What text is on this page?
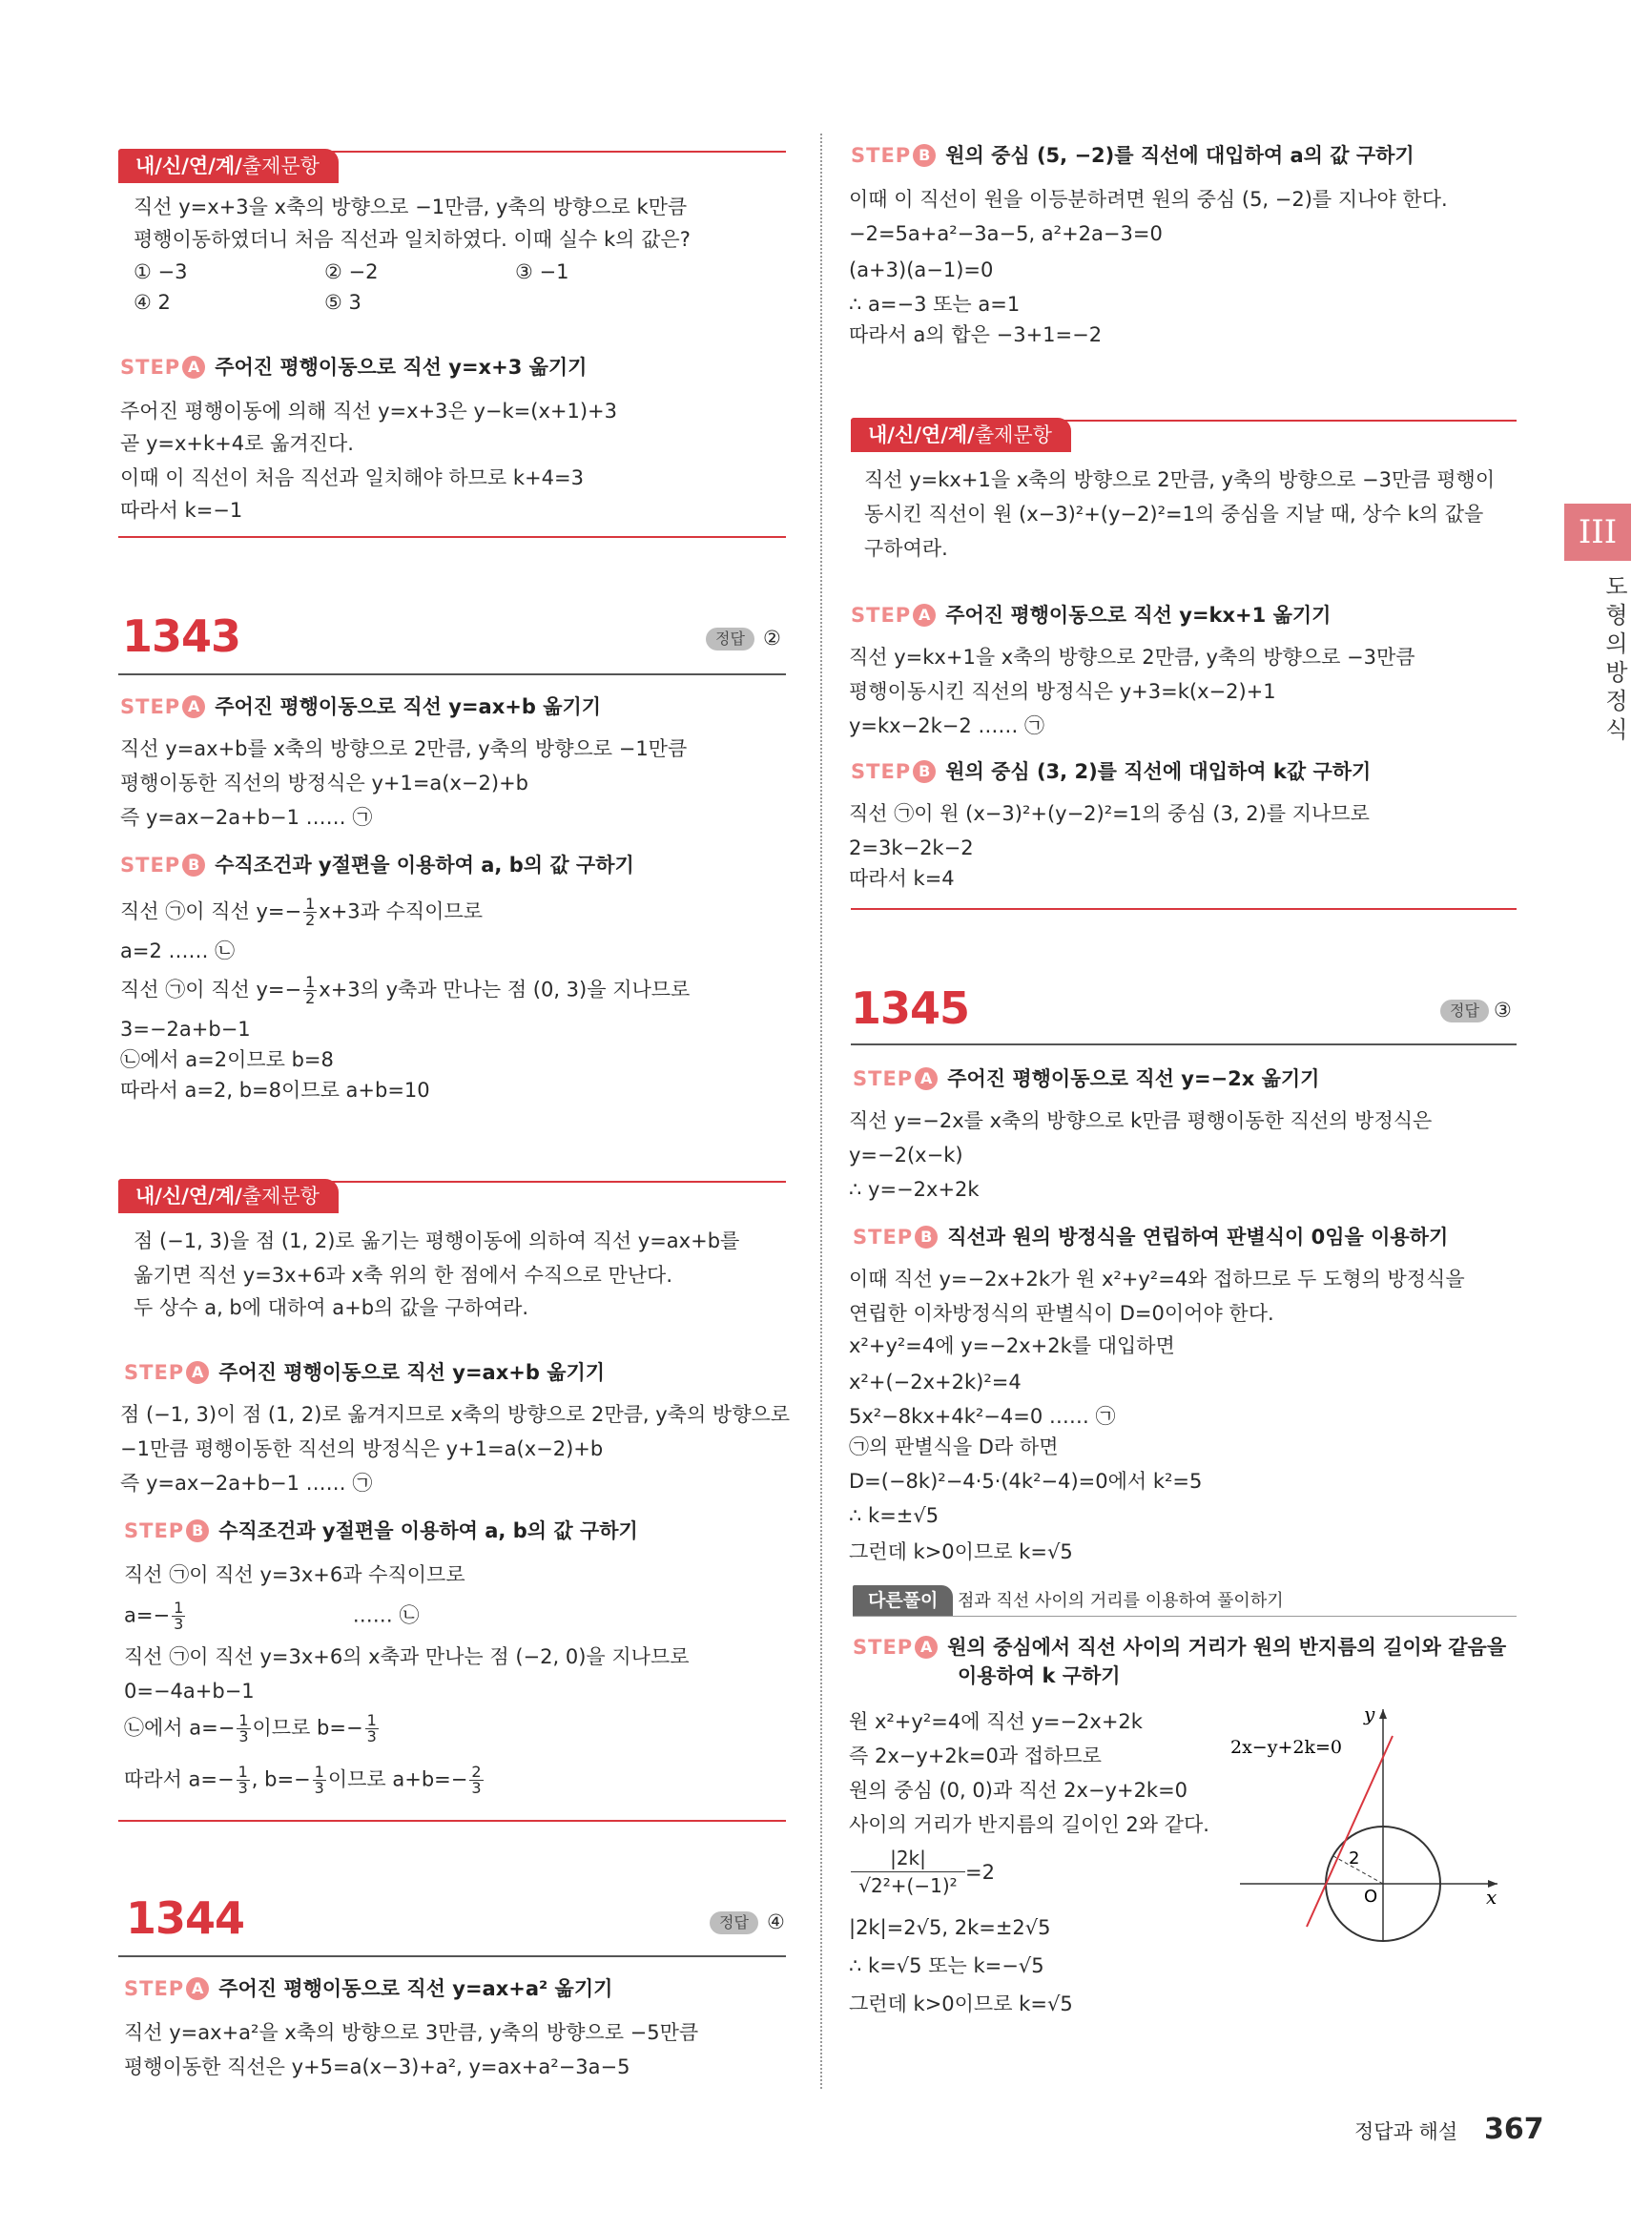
내/신/연/계/출제문항
직선 y=x+3을 x축의 방향으로 −1만큼, y축의 방향으로 k만큼
평행이동하였더니 처음 직선과 일치하였다. 이때 실수 k의 값은?
① −3	② −2	③ −1
④ 2	⑤ 3
STEP A 주어진 평행이동으로 직선 y=x+3 옮기기
주어진 평행이동에 의해 직선 y=x+3은 y−k=(x+1)+3
곧 y=x+k+4로 옮겨진다.
이때 이 직선이 처음 직선과 일치해야 하므로 k+4=3
따라서 k=−1
1343	정답 ②
STEP A 주어진 평행이동으로 직선 y=ax+b 옮기기
직선 y=ax+b를 x축의 방향으로 2만큼, y축의 방향으로 −1만큼
평행이동한 직선의 방정식은 y+1=a(x−2)+b
즉 y=ax−2a+b−1 …… ㉠
STEP B 수직조건과 y절편을 이용하여 a, b의 값 구하기
직선 ㉠이 직선 $y=- \frac{1}{2} x+3$과 수직이므로
a=2 …… ㉡
직선 ㉠이 직선 $y=- \frac{1}{2} x+3$의 y축과 만나는 점 (0, 3)을 지나므로
3=−2a+b−1
㉡에서 a=2이므로 b=8
따라서 a=2, b=8이므로 a+b=10
내/신/연/계/출제문항
점 (−1, 3)을 점 (1, 2)로 옮기는 평행이동에 의하여 직선 y=ax+b를
옮기면 직선 y=3x+6과 x축 위의 한 점에서 수직으로 만난다.
두 상수 a, b에 대하여 a+b의 값을 구하여라.
STEP A 주어진 평행이동으로 직선 y=ax+b 옮기기
점 (−1, 3)이 점 (1, 2)로 옮겨지므로 x축의 방향으로 2만큼, y축의 방향으로
−1만큼 평행이동한 직선의 방정식은 y+1=a(x−2)+b
즉 y=ax−2a+b−1 …… ㉠
STEP B 수직조건과 y절편을 이용하여 a, b의 값 구하기
직선 ㉠이 직선 y=3x+6과 수직이므로
$a=- \frac{1}{3}$ …… ㉡
직선 ㉠이 직선 y=3x+6의 x축과 만나는 점 (−2, 0)을 지나므로
0=−4a+b−1
㉡에서 $a=- \frac{1}{3}$ 이므로 $b=- \frac{1}{3}$
따라서 $a=- \frac{1}{3}$ , $b=- \frac{1}{3}$ 이므로 $a+b=- \frac{2}{3}$
1344	정답 ④
STEP A 주어진 평행이동으로 직선 y=ax+a² 옮기기
직선 y=ax+a²을 x축의 방향으로 3만큼, y축의 방향으로 −5만큼
평행이동한 직선은 y+5=a(x−3)+a², y=ax+a²−3a−5
STEP B 원의 중심 (5, −2)를 직선에 대입하여 a의 값 구하기
이때 이 직선이 원을 이등분하려면 원의 중심 (5, −2)를 지나야 한다.
−2=5a+a²−3a−5, a²+2a−3=0
(a+3)(a−1)=0
∴ a=−3 또는 a=1
따라서 a의 합은 −3+1=−2
내/신/연/계/출제문항
직선 y=kx+1을 x축의 방향으로 2만큼, y축의 방향으로 −3만큼 평행이
동시킨 직선이 원 (x−3)²+(y−2)²=1의 중심을 지날 때, 상수 k의 값을
구하여라.
STEP A 주어진 평행이동으로 직선 y=kx+1 옮기기
직선 y=kx+1을 x축의 방향으로 2만큼, y축의 방향으로 −3만큼
평행이동시킨 직선의 방정식은 y+3=k(x−2)+1
y=kx−2k−2 …… ㉠
STEP B 원의 중심 (3, 2)를 직선에 대입하여 k값 구하기
직선 ㉠이 원 (x−3)²+(y−2)²=1의 중심 (3, 2)를 지나므로
2=3k−2k−2
따라서 k=4
1345	정답 ③
STEP A 주어진 평행이동으로 직선 y=−2x 옮기기
직선 y=−2x를 x축의 방향으로 k만큼 평행이동한 직선의 방정식은
y=−2(x−k)
∴ y=−2x+2k
STEP B 직선과 원의 방정식을 연립하여 판별식이 0임을 이용하기
이때 직선 y=−2x+2k가 원 x²+y²=4와 접하므로 두 도형의 방정식을
연립한 이차방정식의 판별식이 D=0이어야 한다.
x²+y²=4에 y=−2x+2k를 대입하면
x²+(−2x+2k)²=4
5x²−8kx+4k²−4=0 …… ㉠
㉠의 판별식을 D라 하면
D=(−8k)²−4·5·(4k²−4)=0에서 k²=5
∴ k=±√5
그런데 k>0이므로 k=√5
다른풀이	점과 직선 사이의 거리를 이용하여 풀이하기
STEP A 원의 중심에서 직선 사이의 거리가 원의 반지름의 길이와 같음을
이용하여 k 구하기
원 x²+y²=4에 직선 y=−2x+2k
즉 2x−y+2k=0과 접하므로
원의 중심 (0, 0)과 직선 2x−y+2k=0
사이의 거리가 반지름의 길이인 2와 같다.
$\frac{|2k|}{\text{√2²+(−1)²}} =2$
|2k|=2√5, 2k=±2√5
∴ k=√5 또는 k=−√5
그런데 k>0이므로 k=√5
2
O	x
y
2x−y+2k=0
III
도
형
의
방
정
식
정답과 해설 367
